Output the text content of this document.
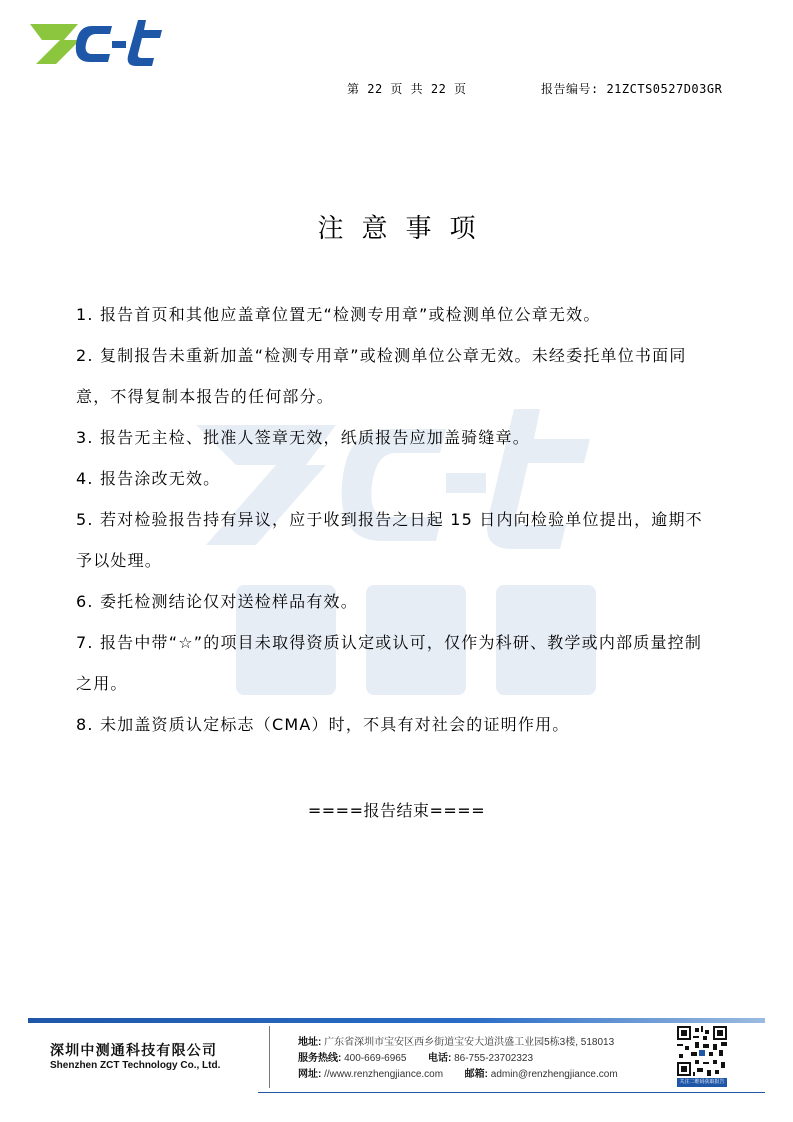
第 22 页 共 22 页	报告编号: 21ZCTS0527D03GR
注意事项

1. 报告首页和其他应盖章位置无“检测专用章”或检测单位公章无效。

2. 复制报告未重新加盖“检测专用章”或检测单位公章无效。未经委托单位书面同意，不得复制本报告的任何部分。

3. 报告无主检、批准人签章无效，纸质报告应加盖骑缝章。

4. 报告涂改无效。

5. 若对检验报告持有异议，应于收到报告之日起 15 日内向检验单位提出，逾期不予以处理。

6. 委托检测结论仅对送检样品有效。

7. 报告中带“☆”的项目未取得资质认定或认可，仅作为科研、教学或内部质量控制之用。

8. 未加盖资质认定标志（CMA）时，不具有对社会的证明作用。

====报告结束====
深圳中测通科技有限公司
Shenzhen ZCT Technology Co., Ltd.
地址: 广东省深圳市宝安区西乡街道宝安大道洪盛工业园5栋3楼, 518013
服务热线: 400-669-6965 电话: 86-755-23702323
网址: //www.renzhengjiance.com 邮箱: admin@renzhengjiance.com
关注二维码获取报告
